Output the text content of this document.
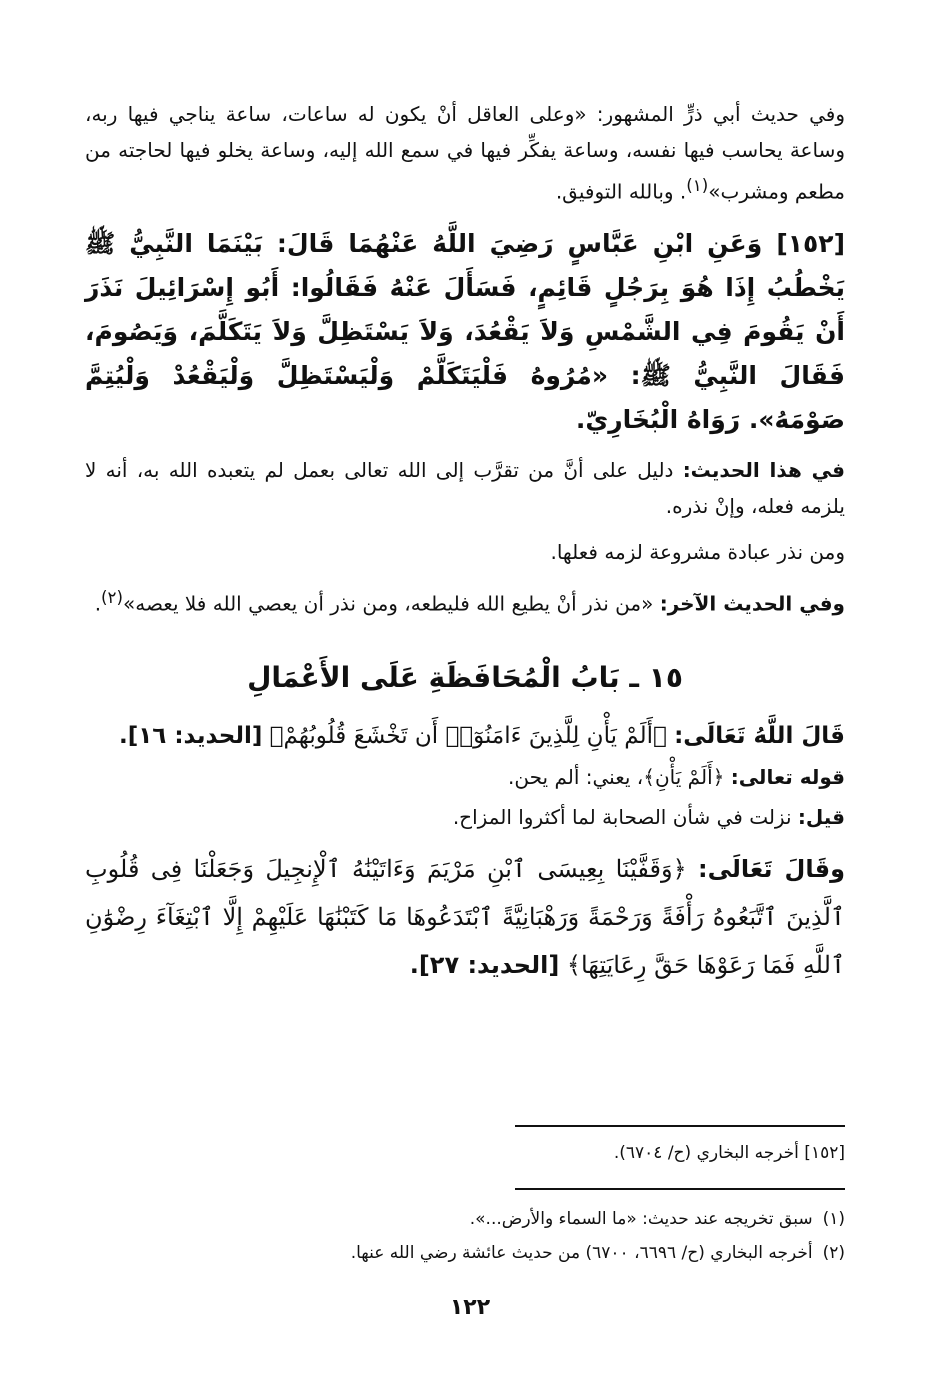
وفي حديث أبي ذرٍّ المشهور: «وعلى العاقل أنْ يكون له ساعات، ساعة يناجي فيها ربه، وساعة يحاسب فيها نفسه، وساعة يفكِّر فيها في سمع الله إليه، وساعة يخلو فيها لحاجته من مطعم ومشرب»$^{(١)}$. وبالله التوفيق.

[١٥٢] وَعَنِ ابْنِ عَبَّاسٍ رَضِيَ اللَّهُ عَنْهُمَا قَالَ: بَيْنَمَا النَّبِيُّ ﷺ يَخْطُبُ إِذَا هُوَ بِرَجُلٍ قَائِمٍ، فَسَأَلَ عَنْهُ فَقَالُوا: أَبُو إِسْرَائِيلَ نَذَرَ أَنْ يَقُومَ فِي الشَّمْسِ وَلاَ يَقْعُدَ، وَلاَ يَسْتَظِلَّ وَلاَ يَتَكَلَّمَ، وَيَصُومَ، فَقَالَ النَّبِيُّ ﷺ: «مُرُوهُ فَلْيَتَكَلَّمْ وَلْيَسْتَظِلَّ وَلْيَقْعُدْ وَلْيُتِمَّ صَوْمَهُ». رَوَاهُ الْبُخَارِيّ.

في هذا الحديث: دليل على أنَّ من تقرَّب إلى الله تعالى بعمل لم يتعبده الله به، أنه لا يلزمه فعله، وإنْ نذره.

ومن نذر عبادة مشروعة لزمه فعلها.

وفي الحديث الآخر: «من نذر أنْ يطيع الله فليطعه، ومن نذر أن يعصي الله فلا يعصه»$^{(٢)}$.

١٥ ـ بَابُ الْمُحَافَظَةِ عَلَى الأَعْمَالِ

قَالَ اللَّهُ تَعَالَى: ﴿أَلَمْ يَأْنِ لِلَّذِينَ ءَامَنُوٓا۟ أَن تَخْشَعَ قُلُوبُهُمْ﴾ [الحديد: ١٦].

قوله تعالى: ﴿أَلَمْ يَأْنِ﴾، يعني: ألم يحن.

قيل: نزلت في شأن الصحابة لما أكثروا المزاح.

وقَالَ تَعَالَى: ﴿وَقَفَّيْنَا بِعِيسَى ٱبْنِ مَرْيَمَ وَءَاتَيْنَٰهُ ٱلْإِنجِيلَ وَجَعَلْنَا فِى قُلُوبِ ٱلَّذِينَ ٱتَّبَعُوهُ رَأْفَةً وَرَحْمَةً وَرَهْبَانِيَّةً ٱبْتَدَعُوهَا مَا كَتَبْنَٰهَا عَلَيْهِمْ إِلَّا ٱبْتِغَآءَ رِضْوَٰنِ ٱللَّهِ فَمَا رَعَوْهَا حَقَّ رِعَايَتِهَا﴾ [الحديد: ٢٧].

[١٥٢] أخرجه البخاري (ح/ ٦٧٠٤).
(١)سبق تخريجه عند حديث: «ما السماء والأرض...».
(٢)أخرجه البخاري (ح/ ٦٦٩٦، ٦٧٠٠) من حديث عائشة رضي الله عنها.
١٢٢
